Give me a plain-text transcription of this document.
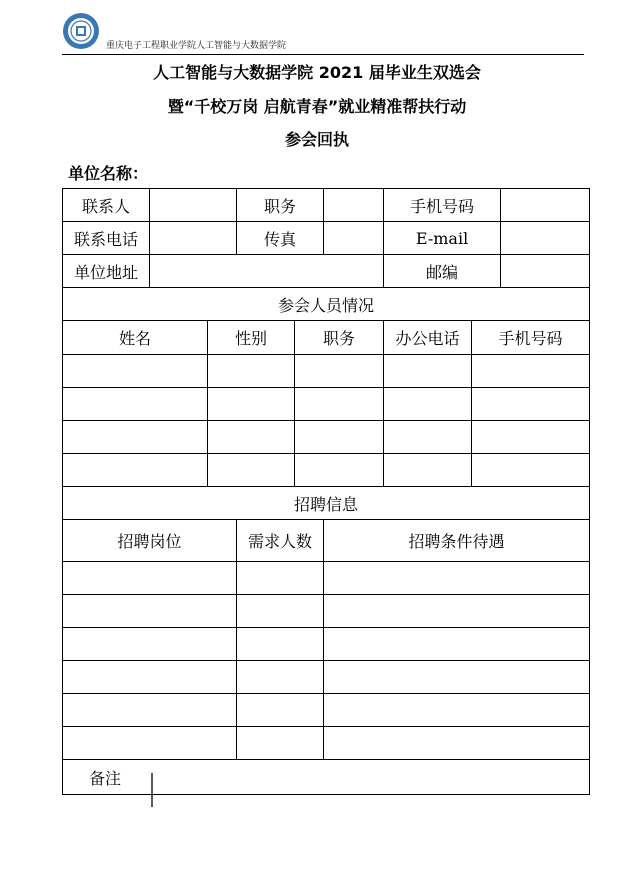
重庆电子工程职业学院人工智能与大数据学院
人工智能与大数据学院 2021 届毕业生双选会
暨“千校万岗 启航青春”就业精准帮扶行动
参会回执
单位名称：
联系人			职务			手机号码		
联系电话			传真			E-mail		
单位地址						邮编		
参会人员情况								
姓名		性别		职务		办公电话	手机号码	

招聘信息								
招聘岗位			需求人数		招聘条件待遇			

备注								
